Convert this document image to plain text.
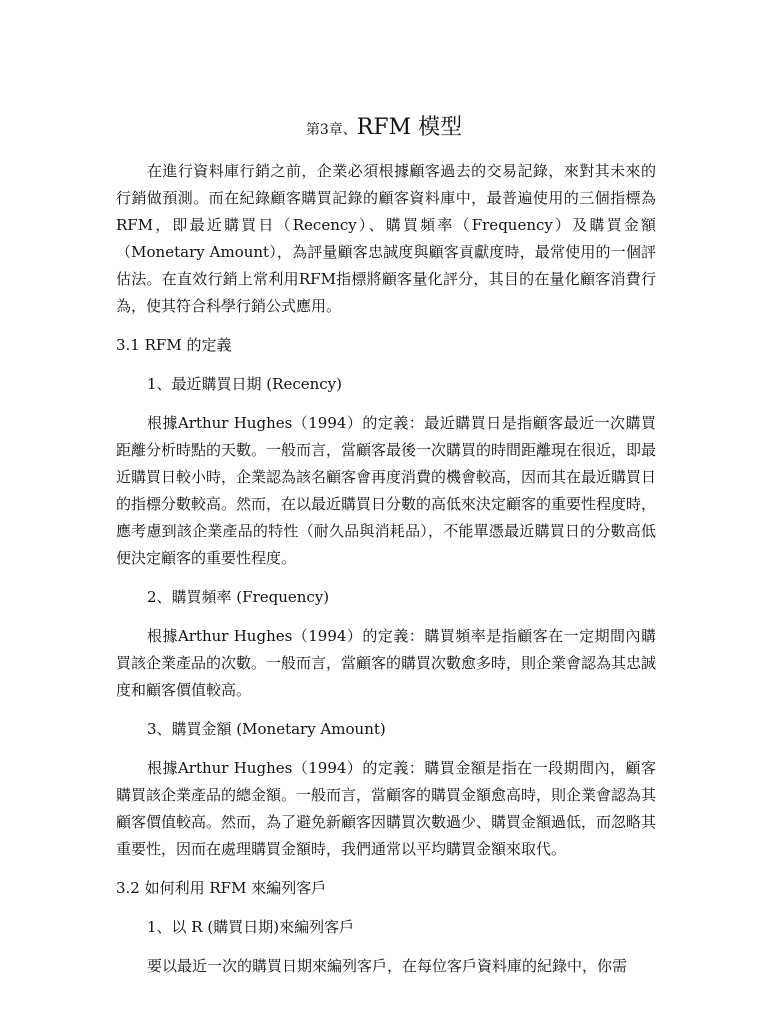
第3章、RFM 模型

在進行資料庫行銷之前，企業必須根據顧客過去的交易記錄，來對其未來的行銷做預測。而在紀錄顧客購買記錄的顧客資料庫中，最普遍使用的三個指標為RFM，即最近購買日（Recency）、購買頻率（Frequency）及購買金額（Monetary Amount），為評量顧客忠誠度與顧客貢獻度時，最常使用的一個評估法。在直效行銷上常利用RFM指標將顧客量化評分，其目的在量化顧客消費行為，使其符合科學行銷公式應用。

3.1 RFM 的定義
1、最近購買日期 (Recency)

根據Arthur Hughes（1994）的定義：最近購買日是指顧客最近一次購買距離分析時點的天數。一般而言，當顧客最後一次購買的時間距離現在很近，即最近購買日較小時，企業認為該名顧客會再度消費的機會較高，因而其在最近購買日的指標分數較高。然而，在以最近購買日分數的高低來決定顧客的重要性程度時，應考慮到該企業產品的特性（耐久品與消耗品），不能單憑最近購買日的分數高低便決定顧客的重要性程度。

2、購買頻率 (Frequency)

根據Arthur Hughes（1994）的定義：購買頻率是指顧客在一定期間內購買該企業產品的次數。一般而言，當顧客的購買次數愈多時，則企業會認為其忠誠度和顧客價值較高。

3、購買金額 (Monetary Amount)

根據Arthur Hughes（1994）的定義：購買金額是指在一段期間內，顧客購買該企業產品的總金額。一般而言，當顧客的購買金額愈高時，則企業會認為其顧客價值較高。然而，為了避免新顧客因購買次數過少、購買金額過低，而忽略其重要性，因而在處理購買金額時，我們通常以平均購買金額來取代。

3.2 如何利用 RFM 來編列客戶
1、以 R (購買日期)來編列客戶

要以最近一次的購買日期來編列客戶，在每位客戶資料庫的紀錄中，你需
